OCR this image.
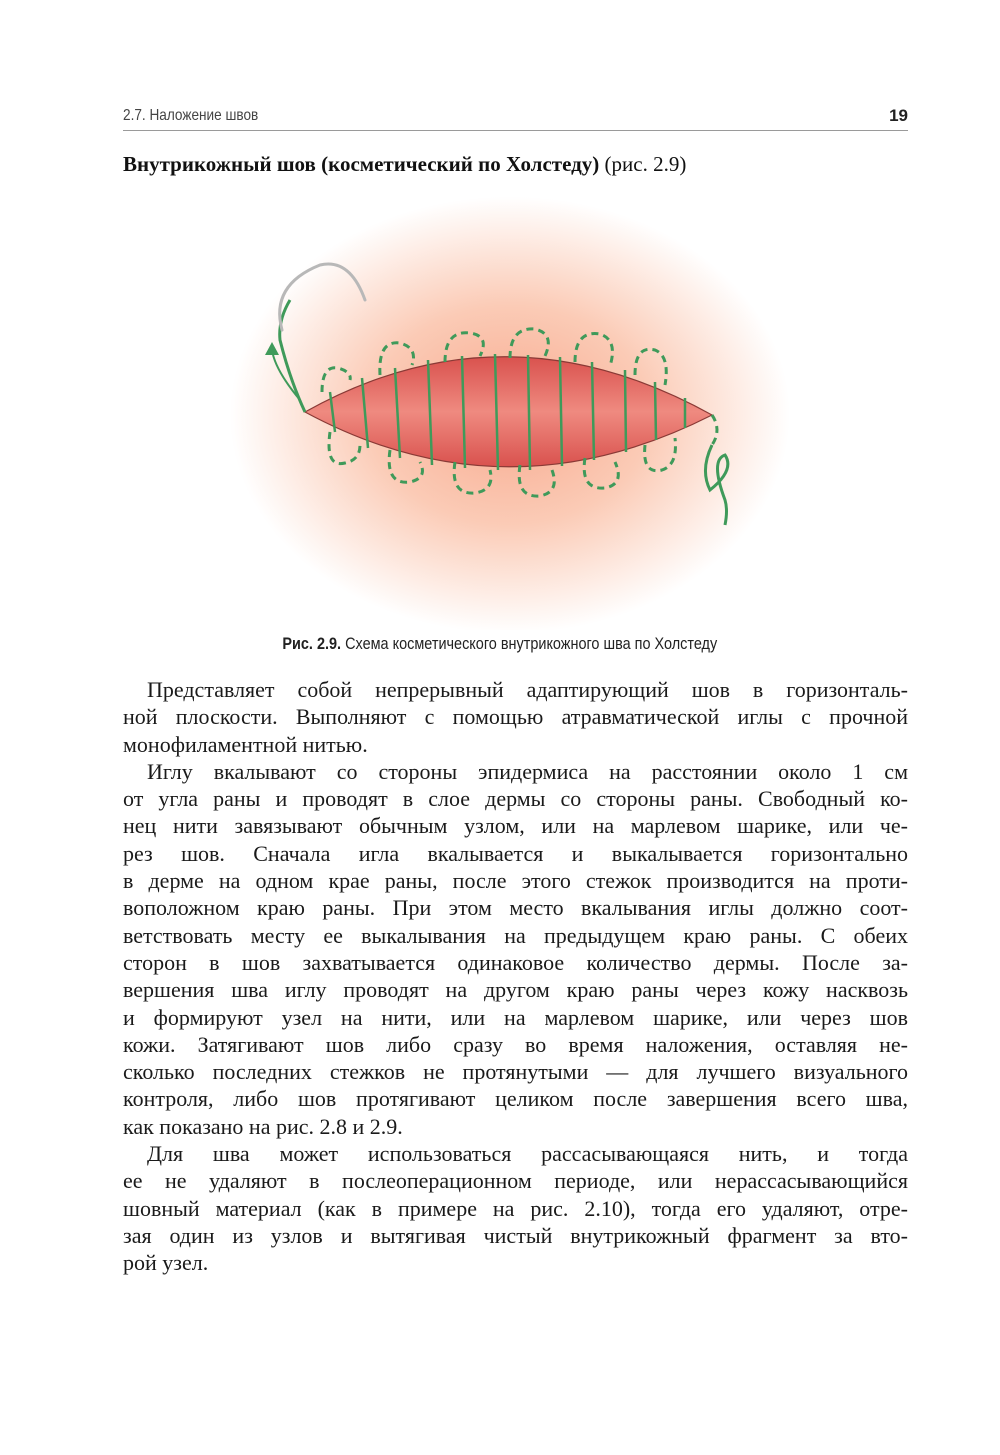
2.7. Наложение швов	19
Внутрикожный шов (косметический по Холстеду) (рис. 2.9)
Рис. 2.9. Схема косметического внутрикожного шва по Холстеду
Представляет собой непрерывный адаптирующий шов в горизонталь-
ной плоскости. Выполняют с помощью атравматической иглы с прочной
монофиламентной нитью.
Иглу вкалывают со стороны эпидермиса на расстоянии около 1 см
от угла раны и проводят в слое дермы со стороны раны. Свободный ко-
нец нити завязывают обычным узлом, или на марлевом шарике, или че-
рез шов. Сначала игла вкалывается и выкалывается горизонтально
в дерме на одном крае раны, после этого стежок производится на проти-
воположном краю раны. При этом место вкалывания иглы должно соот-
ветствовать месту ее выкалывания на предыдущем краю раны. С обеих
сторон в шов захватывается одинаковое количество дермы. После за-
вершения шва иглу проводят на другом краю раны через кожу насквозь
и формируют узел на нити, или на марлевом шарике, или через шов
кожи. Затягивают шов либо сразу во время наложения, оставляя не-
сколько последних стежков не протянутыми — для лучшего визуального
контроля, либо шов протягивают целиком после завершения всего шва,
как показано на рис. 2.8 и 2.9.
Для шва может использоваться рассасывающаяся нить, и тогда
ее не удаляют в послеоперационном периоде, или нерассасывающийся
шовный материал (как в примере на рис. 2.10), тогда его удаляют, отре-
зая один из узлов и вытягивая чистый внутрикожный фрагмент за вто-
рой узел.
